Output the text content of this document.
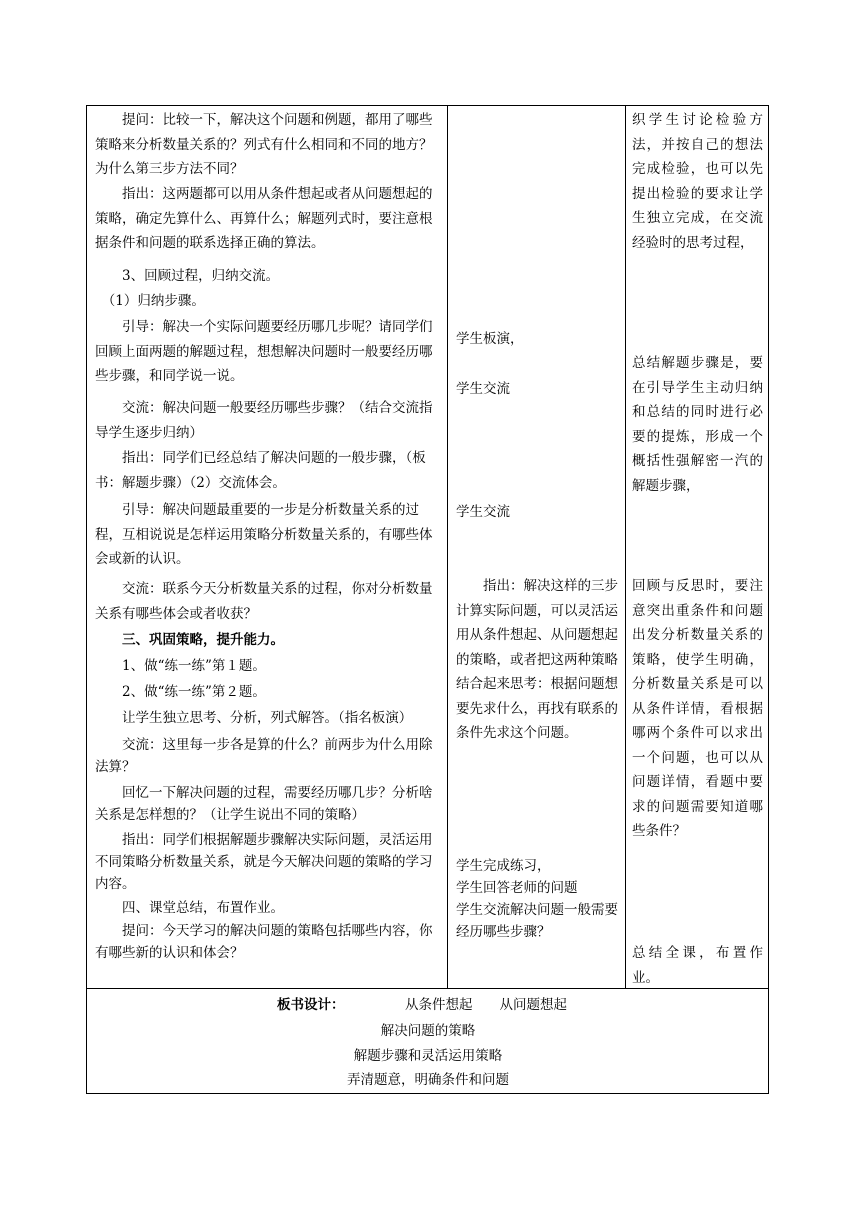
　　提问：比较一下，解决这个问题和例题，都用了哪些策略来分析数量关系的？列式有什么相同和不同的地方？为什么第三步方法不同？

　　指出：这两题都可以用从条件想起或者从问题想起的策略，确定先算什么、再算什么；解题列式时，要注意根据条件和问题的联系选择正确的算法。

　　3、回顾过程，归纳交流。

　（1）归纳步骤。

　　引导：解决一个实际问题要经历哪几步呢？请同学们回顾上面两题的解题过程，想想解决问题时一般要经历哪些步骤，和同学说一说。

　　交流：解决问题一般要经历哪些步骤？（结合交流指导学生逐步归纳）

　　指出：同学们已经总结了解决问题的一般步骤，（板书：解题步骤）（2）交流体会。

　　引导：解决问题最重要的一步是分析数量关系的过程，互相说说是怎样运用策略分析数量关系的，有哪些体会或新的认识。

　　交流：联系今天分析数量关系的过程，你对分析数量关系有哪些体会或者收获？

　　三、巩固策略，提升能力。

　　1、做“练一练”第１题。

　　2、做“练一练”第２题。

　　让学生独立思考、分析，列式解答。（指名板演）

　　交流：这里每一步各是算的什么？前两步为什么用除法算？

　　回忆一下解决问题的过程，需要经历哪几步？分析啥关系是怎样想的？（让学生说出不同的策略）

　　指出：同学们根据解题步骤解决实际问题，灵活运用不同策略分析数量关系，就是今天解决问题的策略的学习内容。

　　四、课堂总结，布置作业。

　　提问：今天学习的解决问题的策略包括哪些内容，你有哪些新的认识和体会？

学生板演，

学生交流

学生交流

　　指出：解决这样的三步计算实际问题，可以灵活运用从条件想起、从问题想起的策略，或者把这两种策略结合起来思考：根据问题想要先求什么，再找有联系的条件先求这个问题。

学生完成练习，
学生回答老师的问题
学生交流解决问题一般需要经历哪些步骤？

织学生讨论检验方法，并按自己的想法完成检验，也可以先提出检验的要求让学生独立完成，在交流经验时的思考过程，

总结解题步骤是，要在引导学生主动归纳和总结的同时进行必要的提炼，形成一个概括性强解密一汽的解题步骤，

回顾与反思时，要注意突出重条件和问题出发分析数量关系的策略，使学生明确，分析数量关系是可以从条件详情，看根据哪两个条件可以求出一个问题，也可以从问题详情，看题中要求的问题需要知道哪些条件？

总结全课，布置作业。

板书设计：	从条件想起　　从问题想起

解决问题的策略

解题步骤和灵活运用策略

弄清题意，明确条件和问题
